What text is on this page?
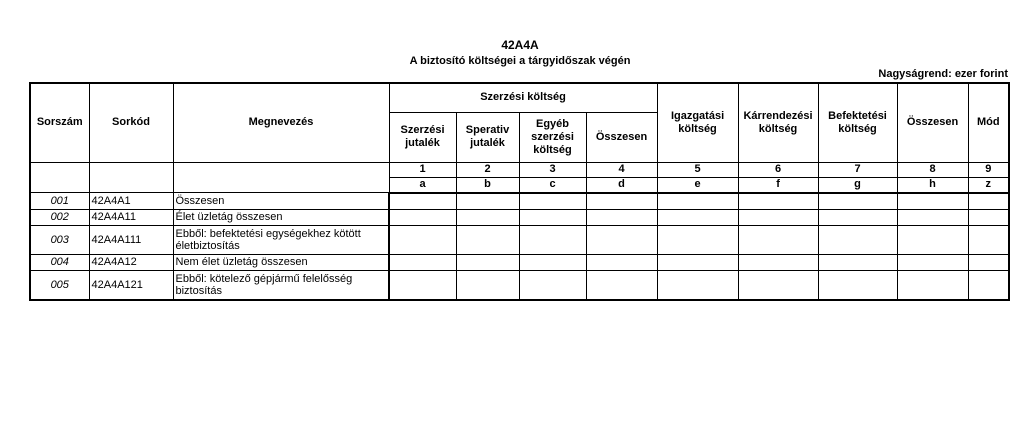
42A4A
A biztosító költségei a tárgyidőszak végén
Nagyságrend: ezer forint
Sorszám	Sorkód	Megnevezés	Szerzési költség				Igazgatási költség	Kárrendezési költség	Befektetési költség	Összesen	Mód
			Szerzési jutalék	Sperativ jutalék	Egyéb szerzési költség	Összesen					
			1	2	3	4	5	6	7	8	9
			a	b	c	d	e	f	g	h	z
001	42A4A1	Összesen									
002	42A4A11	Élet üzletág összesen									
003	42A4A111	Ebből: befektetési egységekhez kötött életbiztosítás									
004	42A4A12	Nem élet üzletág összesen									
005	42A4A121	Ebből: kötelező gépjármű felelősség biztosítás									
